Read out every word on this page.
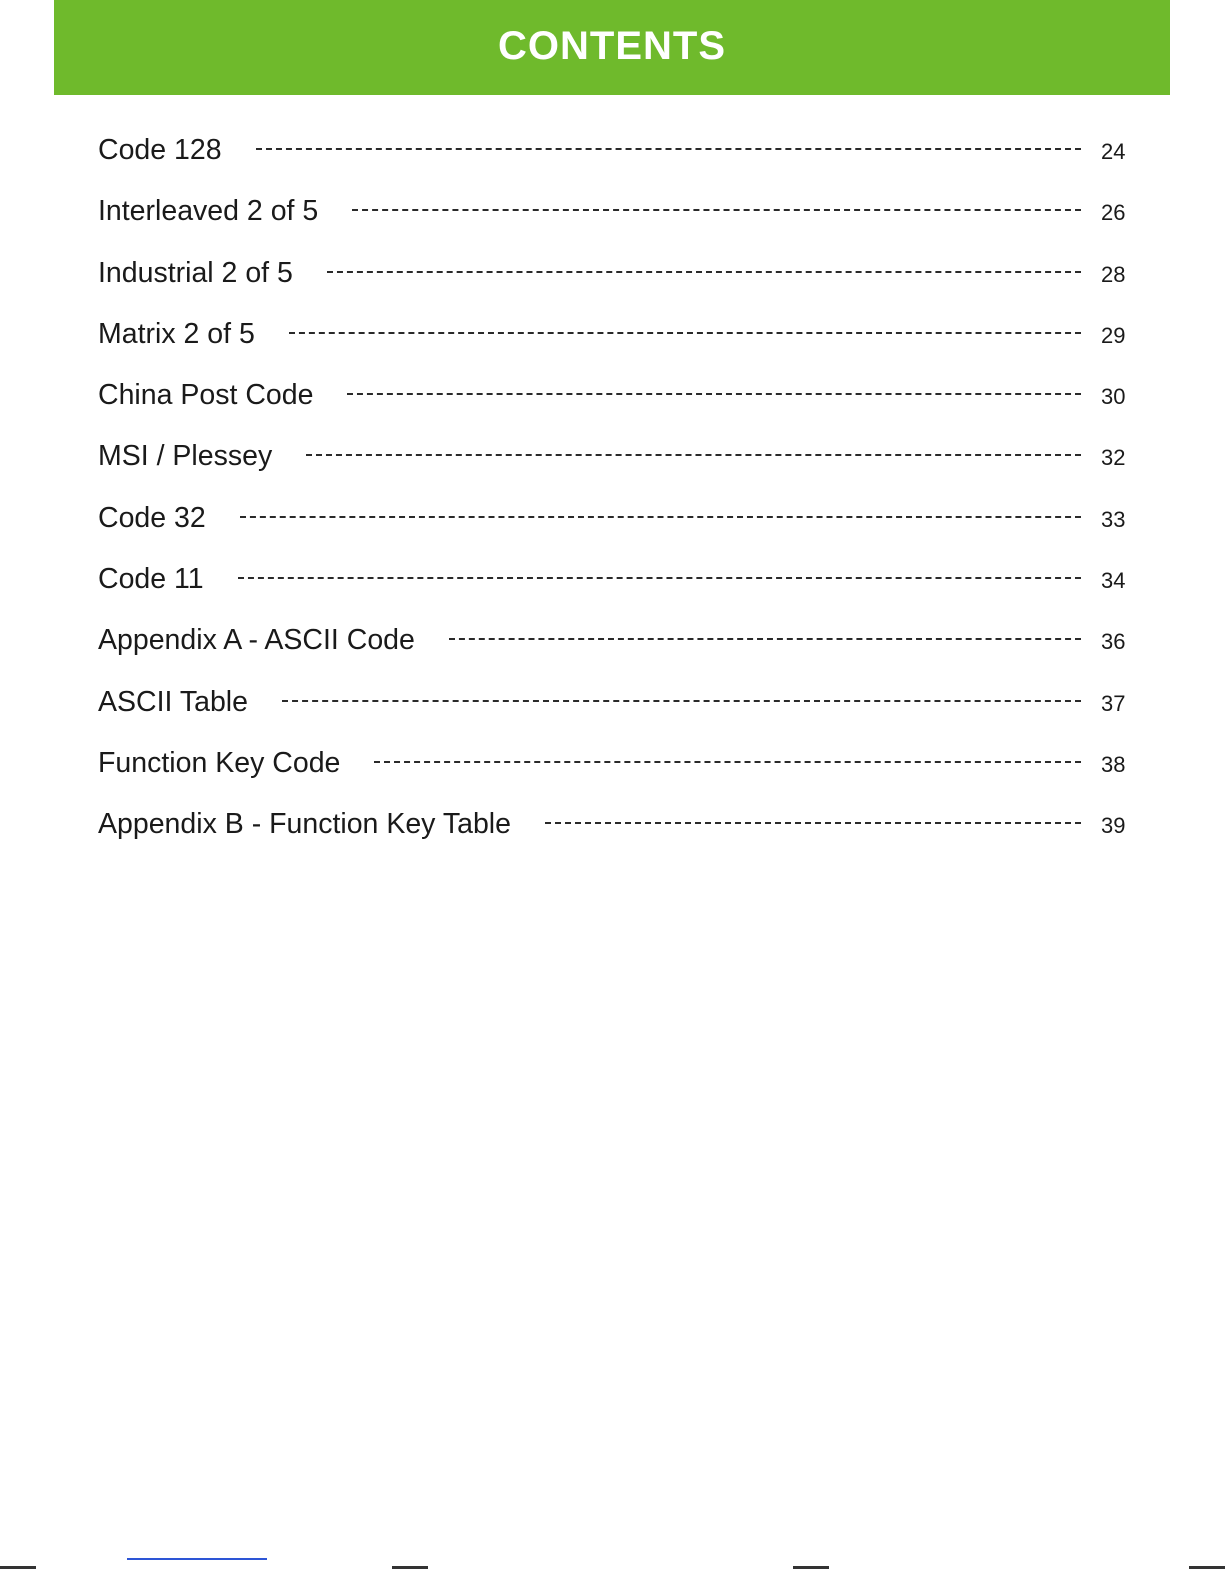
CONTENTS
Code 128	24
Interleaved 2 of 5	26
Industrial 2 of 5	28
Matrix 2 of 5	29
China Post Code	30
MSI / Plessey	32
Code 32	33
Code 11	34
Appendix A - ASCII Code	36
ASCII Table	37
Function Key Code	38
Appendix B - Function Key Table	39
